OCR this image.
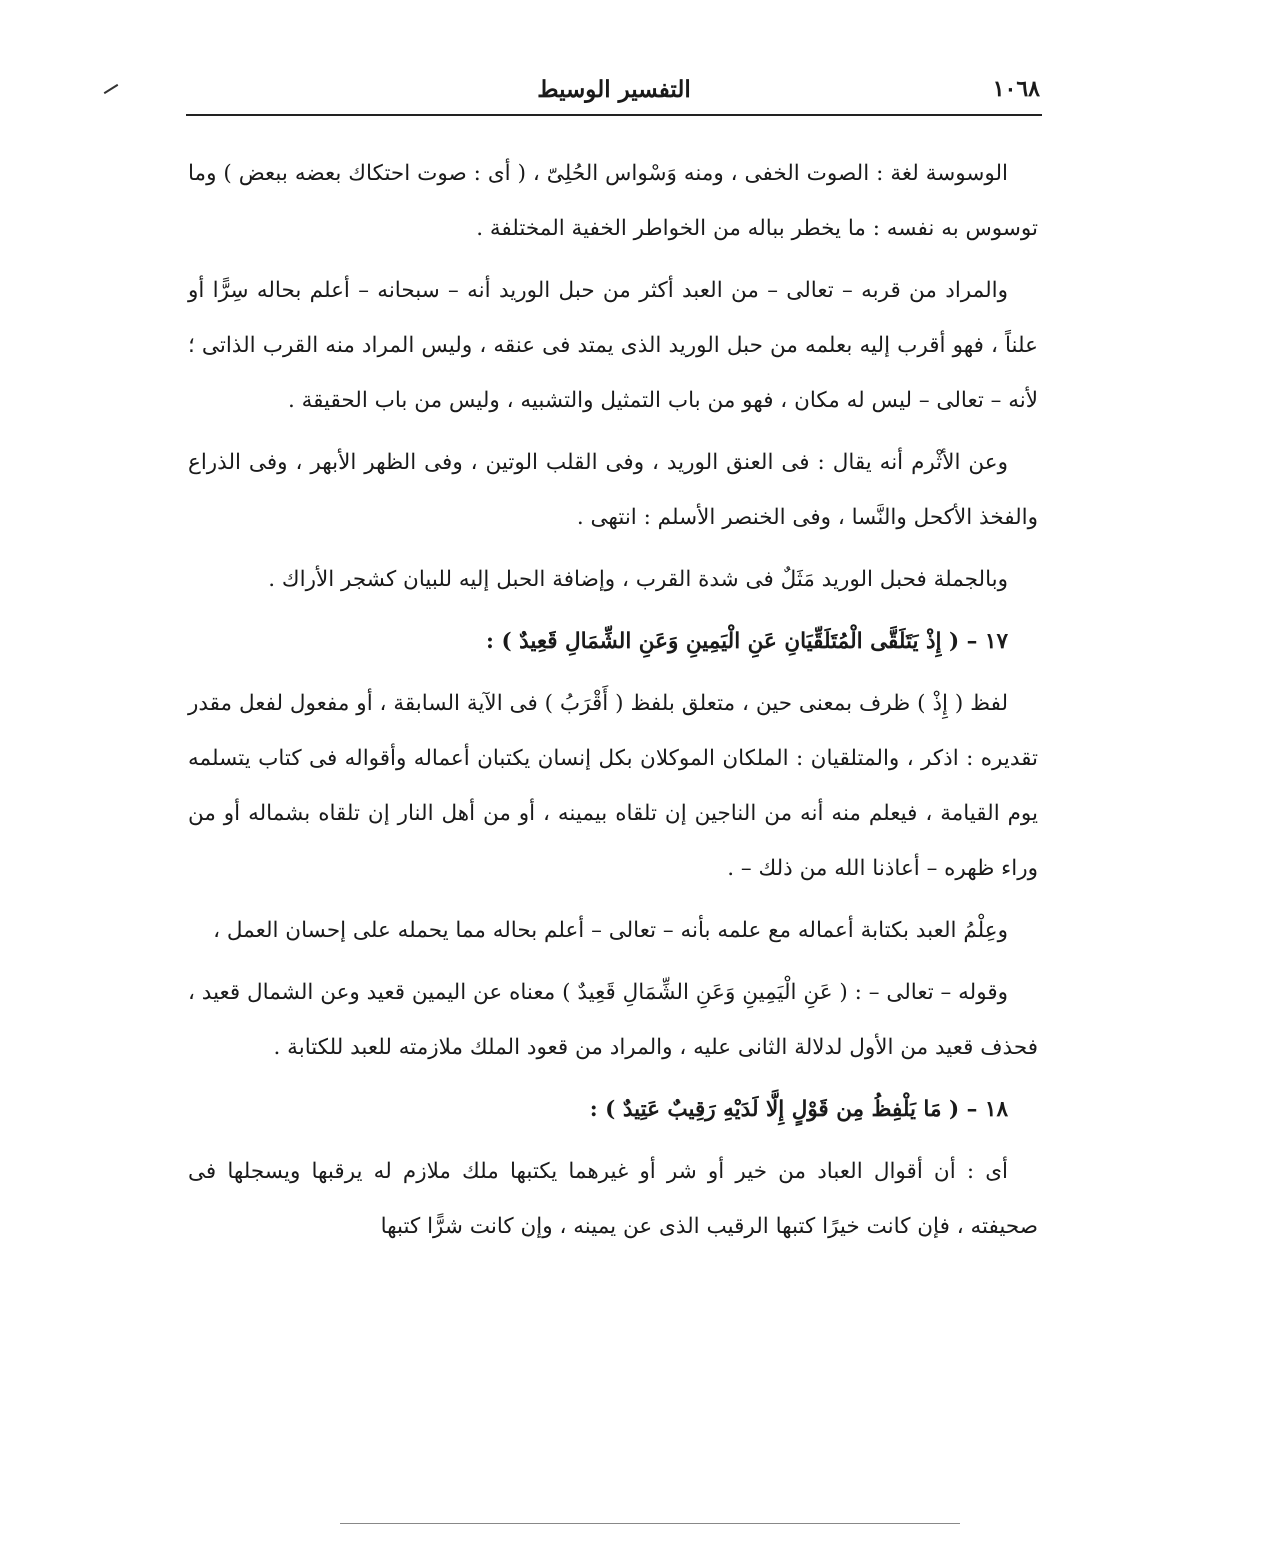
التفسير الوسيط	١٠٦٨

الوسوسة لغة : الصوت الخفى ، ومنه وَسْواس الحُلِىّ ، ( أى : صوت احتكاك بعضه ببعض ) وما توسوس به نفسه : ما يخطر بباله من الخواطر الخفية المختلفة .

والمراد من قربه – تعالى – من العبد أكثر من حبل الوريد أنه – سبحانه – أعلم بحاله سِرًّا أو علناً ، فهو أقرب إليه بعلمه من حبل الوريد الذى يمتد فى عنقه ، وليس المراد منه القرب الذاتى ؛ لأنه – تعالى – ليس له مكان ، فهو من باب التمثيل والتشبيه ، وليس من باب الحقيقة .

وعن الأثْرم أنه يقال : فى العنق الوريد ، وفى القلب الوتين ، وفى الظهر الأبهر ، وفى الذراع والفخذ الأكحل والنَّسا ، وفى الخنصر الأسلم : انتهى .

وبالجملة فحبل الوريد مَثَلٌ فى شدة القرب ، وإضافة الحبل إليه للبيان كشجر الأراك .

١٧ – ( إِذْ يَتَلَقَّى الْمُتَلَقِّيَانِ عَنِ الْيَمِينِ وَعَنِ الشِّمَالِ قَعِيدٌ ) :

لفظ ( إِذْ ) ظرف بمعنى حين ، متعلق بلفظ ( أَقْرَبُ ) فى الآية السابقة ، أو مفعول لفعل مقدر تقديره : اذكر ، والمتلقيان : الملكان الموكلان بكل إنسان يكتبان أعماله وأقواله فى كتاب يتسلمه يوم القيامة ، فيعلم منه أنه من الناجين إن تلقاه بيمينه ، أو من أهل النار إن تلقاه بشماله أو من وراء ظهره – أعاذنا الله من ذلك – .

وعِلْمُ العبد بكتابة أعماله مع علمه بأنه – تعالى – أعلم بحاله مما يحمله على إحسان العمل ،

وقوله – تعالى – : ( عَنِ الْيَمِينِ وَعَنِ الشِّمَالِ قَعِيدٌ ) معناه عن اليمين قعيد وعن الشمال قعيد ، فحذف قعيد من الأول لدلالة الثانى عليه ، والمراد من قعود الملك ملازمته للعبد للكتابة .

١٨ – ( مَا يَلْفِظُ مِن قَوْلٍ إِلَّا لَدَيْهِ رَقِيبٌ عَتِيدٌ ) :

أى : أن أقوال العباد من خير أو شر أو غيرهما يكتبها ملك ملازم له يرقبها ويسجلها فى صحيفته ، فإن كانت خيرًا كتبها الرقيب الذى عن يمينه ، وإن كانت شرًّا كتبها
